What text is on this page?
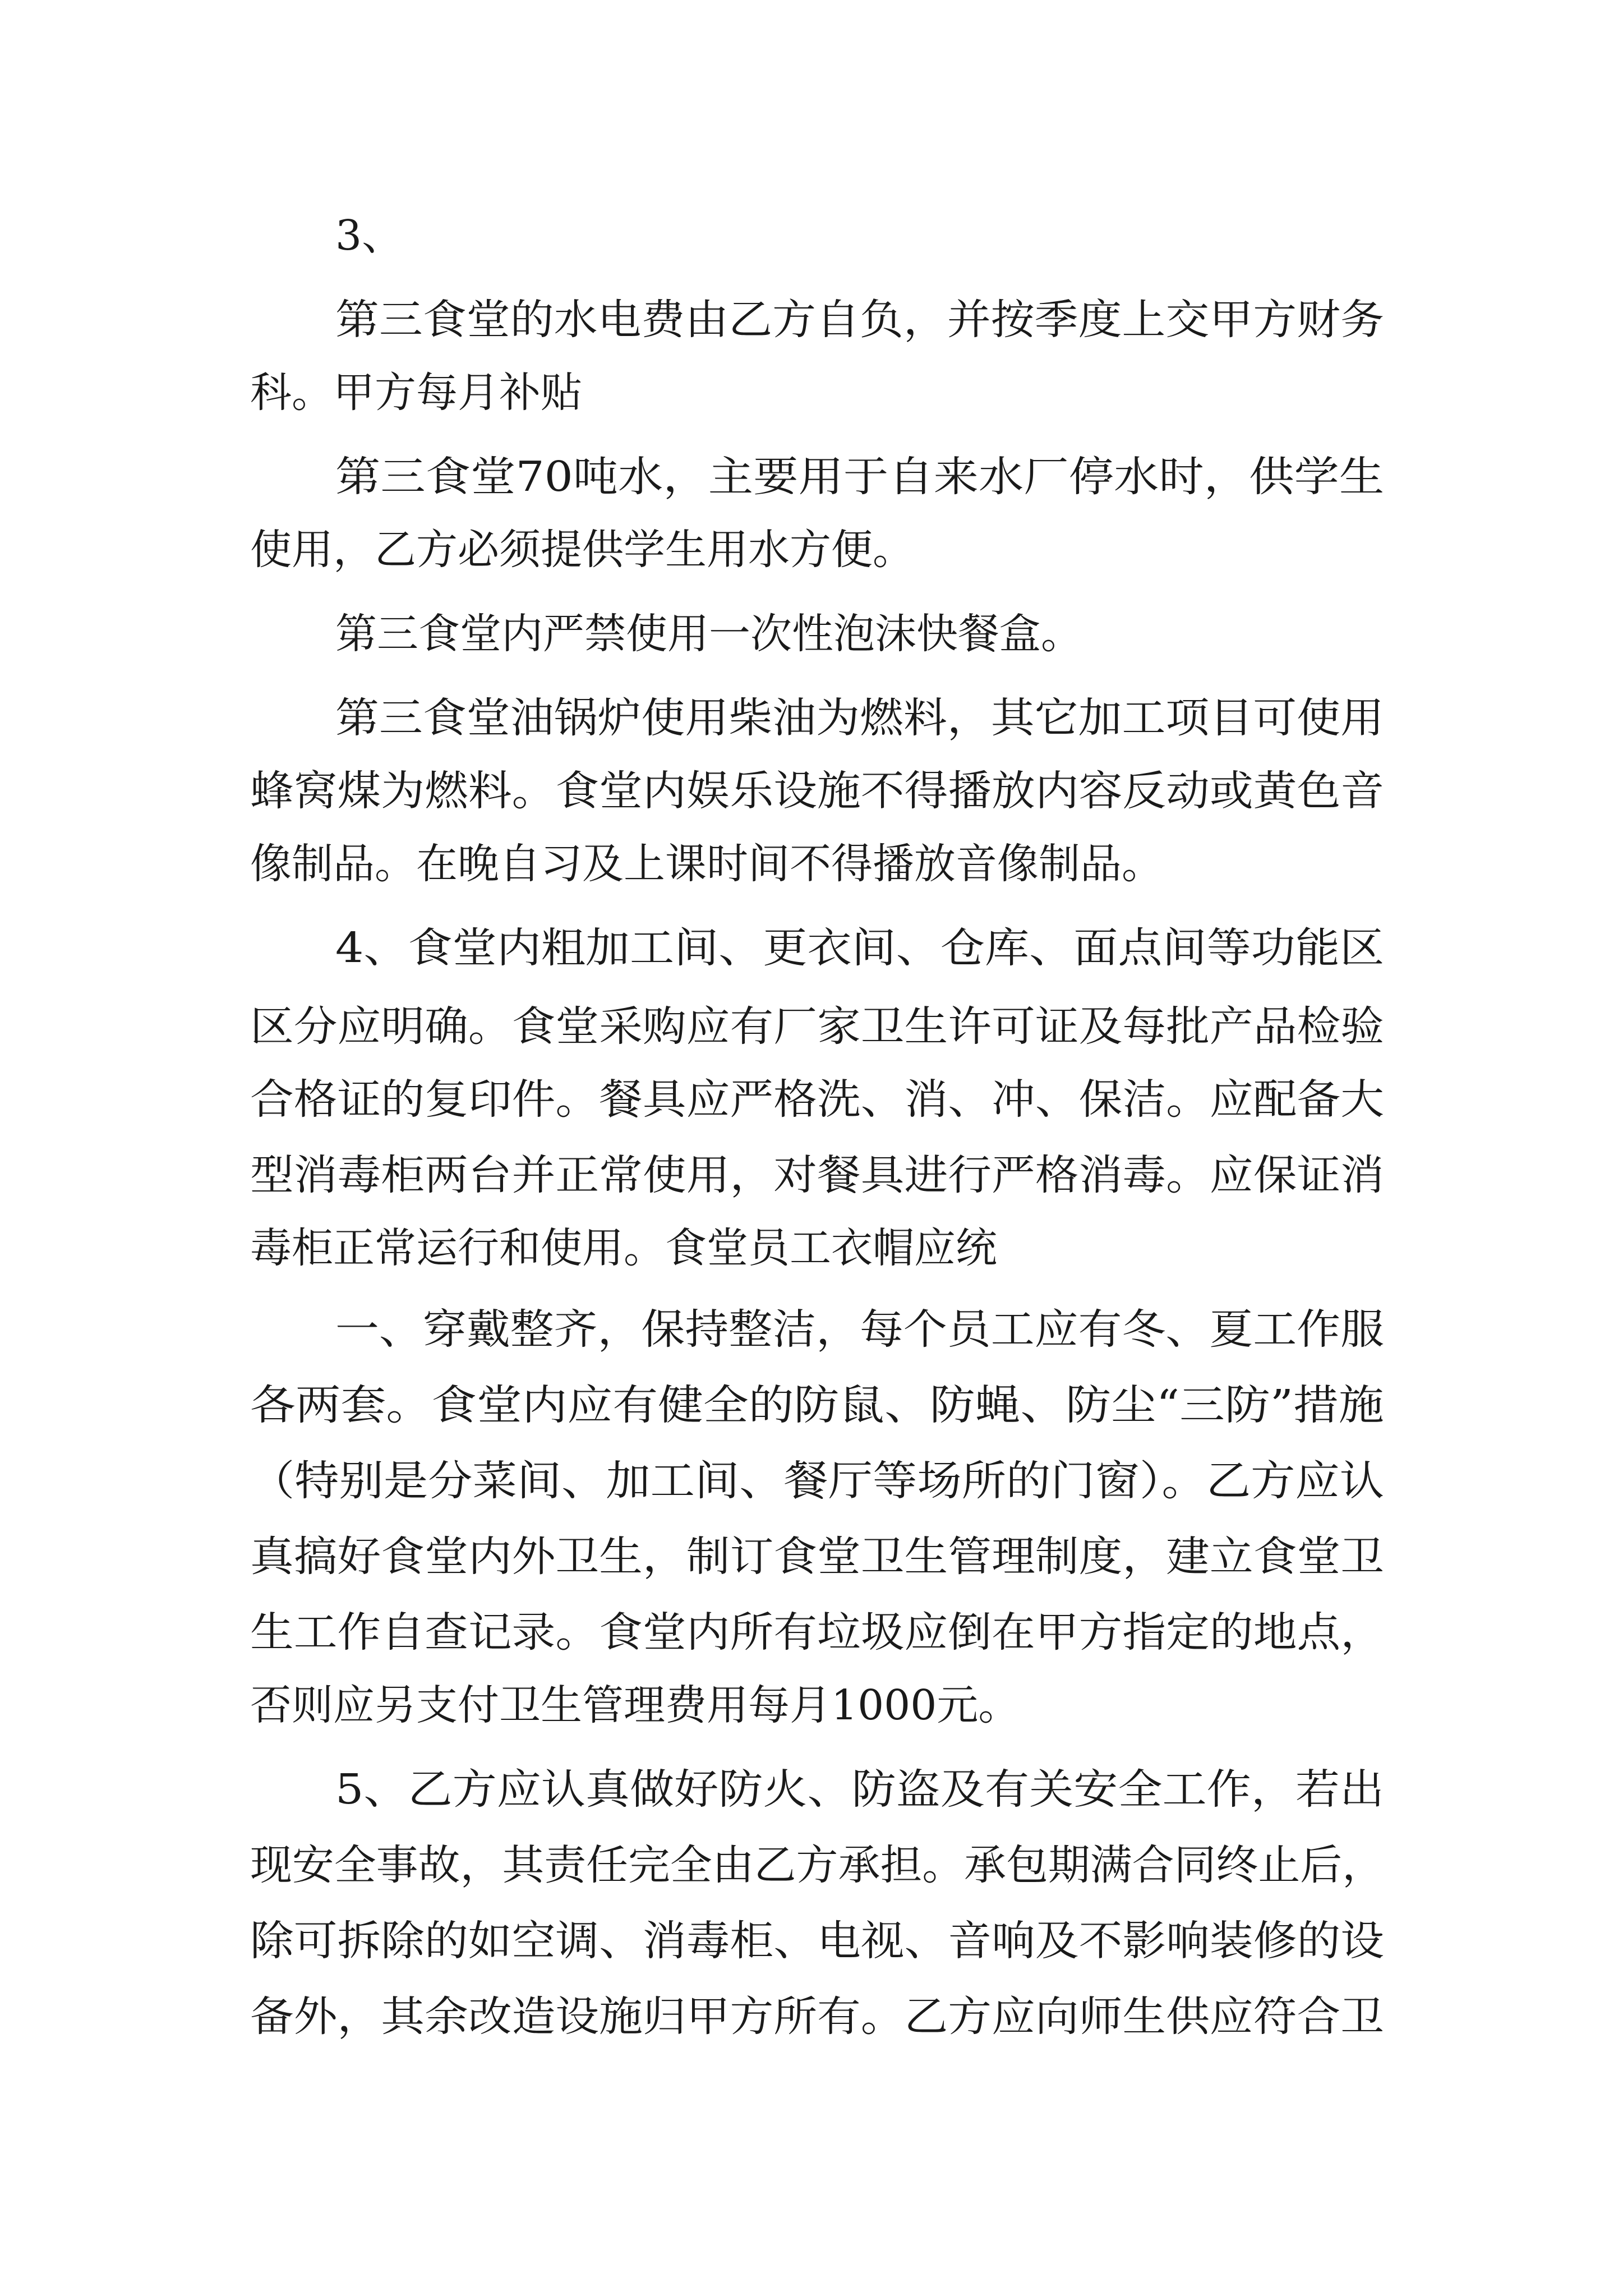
3、
第三食堂的水电费由乙方自负，并按季度上交甲方财务
科。甲方每月补贴
第三食堂70吨水，主要用于自来水厂停水时，供学生
使用，乙方必须提供学生用水方便。
第三食堂内严禁使用一次性泡沫快餐盒。
第三食堂油锅炉使用柴油为燃料，其它加工项目可使用
蜂窝煤为燃料。食堂内娱乐设施不得播放内容反动或黄色音
像制品。在晚自习及上课时间不得播放音像制品。
4、食堂内粗加工间、更衣间、仓库、面点间等功能区
区分应明确。食堂采购应有厂家卫生许可证及每批产品检验
合格证的复印件。餐具应严格洗、消、冲、保洁。应配备大
型消毒柜两台并正常使用，对餐具进行严格消毒。应保证消
毒柜正常运行和使用。食堂员工衣帽应统
一、穿戴整齐，保持整洁，每个员工应有冬、夏工作服
各两套。食堂内应有健全的防鼠、防蝇、防尘“三防”措施
（特别是分菜间、加工间、餐厅等场所的门窗）。乙方应认
真搞好食堂内外卫生，制订食堂卫生管理制度，建立食堂卫
生工作自查记录。食堂内所有垃圾应倒在甲方指定的地点，
否则应另支付卫生管理费用每月1000元。
5、乙方应认真做好防火、防盗及有关安全工作，若出
现安全事故，其责任完全由乙方承担。承包期满合同终止后，
除可拆除的如空调、消毒柜、电视、音响及不影响装修的设
备外，其余改造设施归甲方所有。乙方应向师生供应符合卫
